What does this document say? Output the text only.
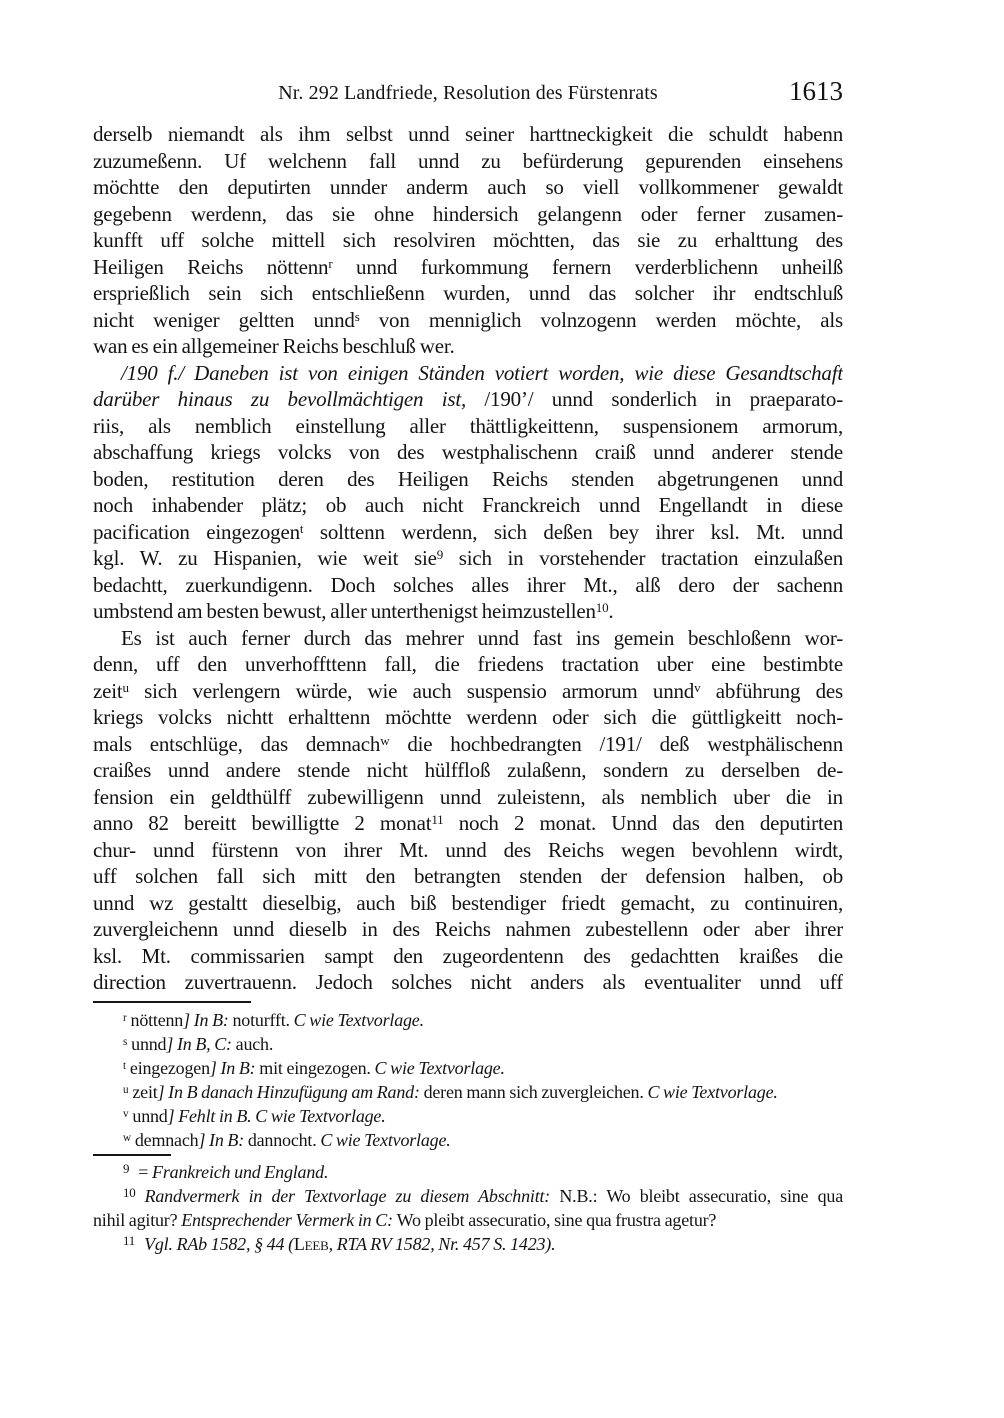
Nr. 292 Landfriede, Resolution des Fürstenrats	1613
derselb niemandt als ihm selbst unnd seiner harttneckigkeit die schuldt habenn
zuzumeßenn. Uf welchenn fall unnd zu befürderung gepurenden einsehens
möchtte den deputirten unnder anderm auch so viell vollkommener gewaldt
gegebenn werdenn, das sie ohne hindersich gelangenn oder ferner zusamen-
kunfft uff solche mittell sich resolviren möchtten, das sie zu erhalttung des
Heiligen Reichs nöttenn$^r$ unnd furkommung fernern verderblichenn unheilß
ersprießlich sein sich entschließenn wurden, unnd das solcher ihr endtschluß
nicht weniger geltten unnd$^s$ von menniglich volnzogenn werden möchte, als
wan es ein allgemeiner Reichs beschluß wer.
/190 f./ Daneben ist von einigen Ständen votiert worden, wie diese Gesandtschaft
darüber hinaus zu bevollmächtigen ist, /190’/ unnd sonderlich in praeparato-
riis, als nemblich einstellung aller thättligkeittenn, suspensionem armorum,
abschaffung kriegs volcks von des westphalischenn craiß unnd anderer stende
boden, restitution deren des Heiligen Reichs stenden abgetrungenen unnd
noch inhabender plätz; ob auch nicht Franckreich unnd Engellandt in diese
pacification eingezogen$^t$ solttenn werdenn, sich deßen bey ihrer ksl. Mt. unnd
kgl. W. zu Hispanien, wie weit sie$^9$ sich in vorstehender tractation einzulaßen
bedachtt, zuerkundigenn. Doch solches alles ihrer Mt., alß dero der sachenn
umbstend am besten bewust, aller unterthenigst heimzustellen$^{10}$.
Es ist auch ferner durch das mehrer unnd fast ins gemein beschloßenn wor-
denn, uff den unverhoffttenn fall, die friedens tractation uber eine bestimbte
zeit$^u$ sich verlengern würde, wie auch suspensio armorum unnd$^v$ abführung des
kriegs volcks nichtt erhalttenn möchtte werdenn oder sich die güttligkeitt noch-
mals entschlüge, das demnach$^w$ die hochbedrangten /191/ deß westphälischenn
craißes unnd andere stende nicht hülffloß zulaßenn, sondern zu derselben de-
fension ein geldthülff zubewilligenn unnd zuleistenn, als nemblich uber die in
anno 82 bereitt bewilligtte 2 monat$^{11}$ noch 2 monat. Unnd das den deputirten
chur- unnd fürstenn von ihrer Mt. unnd des Reichs wegen bevohlenn wirdt,
uff solchen fall sich mitt den betrangten stenden der defension halben, ob
unnd wz gestaltt dieselbig, auch biß bestendiger friedt gemacht, zu continuiren,
zuvergleichenn unnd dieselb in des Reichs nahmen zubestellenn oder aber ihrer
ksl. Mt. commissarien sampt den zugeordentenn des gedachtten kraißes die
direction zuvertrauenn. Jedoch solches nicht anders als eventualiter unnd uff
$^r$ nöttenn] In B: noturfft. C wie Textvorlage.
$^s$ unnd] In B, C: auch.
$^t$ eingezogen] In B: mit eingezogen. C wie Textvorlage.
$^u$ zeit] In B danach Hinzufügung am Rand: deren mann sich zuvergleichen. C wie Textvorlage.
$^v$ unnd] Fehlt in B. C wie Textvorlage.
$^w$ demnach] In B: dannocht. C wie Textvorlage.
$^9$ = Frankreich und England.
$^{10}$ Randvermerk in der Textvorlage zu diesem Abschnitt: N.B.: Wo bleibt assecuratio, sine qua
nihil agitur? Entsprechender Vermerk in C: Wo pleibt assecuratio, sine qua frustra agetur?
$^{11}$ Vgl. RAb 1582, § 44 (Leeb, RTA RV 1582, Nr. 457 S. 1423).
